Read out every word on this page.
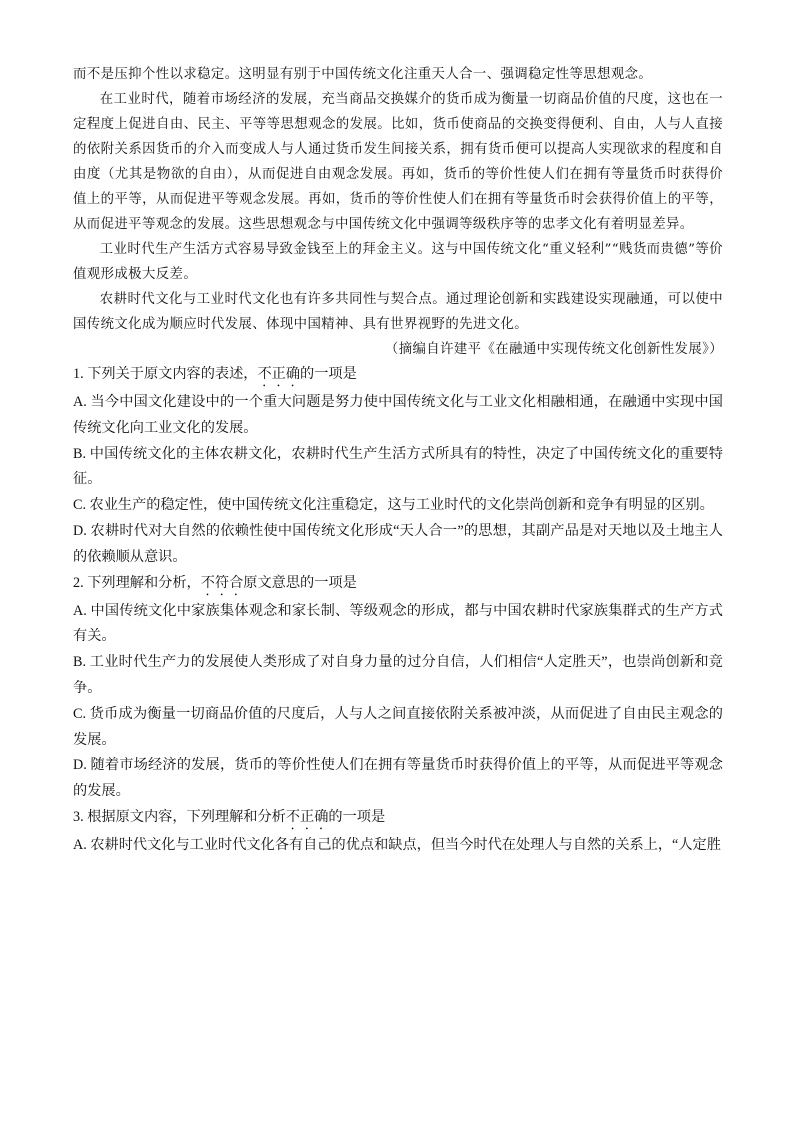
而不是压抑个性以求稳定。这明显有别于中国传统文化注重天人合一、强调稳定性等思想观念。

在工业时代，随着市场经济的发展，充当商品交换媒介的货币成为衡量一切商品价值的尺度，这也在一定程度上促进自由、民主、平等等思想观念的发展。比如，货币使商品的交换变得便利、自由，人与人直接的依附关系因货币的介入而变成人与人通过货币发生间接关系，拥有货币便可以提高人实现欲求的程度和自由度（尤其是物欲的自由），从而促进自由观念发展。再如，货币的等价性使人们在拥有等量货币时获得价值上的平等，从而促进平等观念发展。再如，货币的等价性使人们在拥有等量货币时会获得价值上的平等，从而促进平等观念的发展。这些思想观念与中国传统文化中强调等级秩序等的忠孝文化有着明显差异。

工业时代生产生活方式容易导致金钱至上的拜金主义。这与中国传统文化“重义轻利”“贱货而贵德”等价值观形成极大反差。

农耕时代文化与工业时代文化也有许多共同性与契合点。通过理论创新和实践建设实现融通，可以使中国传统文化成为顺应时代发展、体现中国精神、具有世界视野的先进文化。

（摘编自许建平《在融通中实现传统文化创新性发展》）

1. 下列关于原文内容的表述，不正确的一项是

A. 当今中国文化建设中的一个重大问题是努力使中国传统文化与工业文化相融相通，在融通中实现中国传统文化向工业文化的发展。

B. 中国传统文化的主体农耕文化，农耕时代生产生活方式所具有的特性，决定了中国传统文化的重要特征。

C. 农业生产的稳定性，使中国传统文化注重稳定，这与工业时代的文化崇尚创新和竞争有明显的区别。

D. 农耕时代对大自然的依赖性使中国传统文化形成“天人合一”的思想，其副产品是对天地以及土地主人的依赖顺从意识。

2. 下列理解和分析，不符合原文意思的一项是

A. 中国传统文化中家族集体观念和家长制、等级观念的形成，都与中国农耕时代家族集群式的生产方式有关。

B. 工业时代生产力的发展使人类形成了对自身力量的过分自信，人们相信“人定胜天”，也崇尚创新和竞争。

C. 货币成为衡量一切商品价值的尺度后，人与人之间直接依附关系被冲淡，从而促进了自由民主观念的发展。

D. 随着市场经济的发展，货币的等价性使人们在拥有等量货币时获得价值上的平等，从而促进平等观念的发展。

3. 根据原文内容，下列理解和分析不正确的一项是

A. 农耕时代文化与工业时代文化各有自己的优点和缺点，但当今时代在处理人与自然的关系上，“人定胜
